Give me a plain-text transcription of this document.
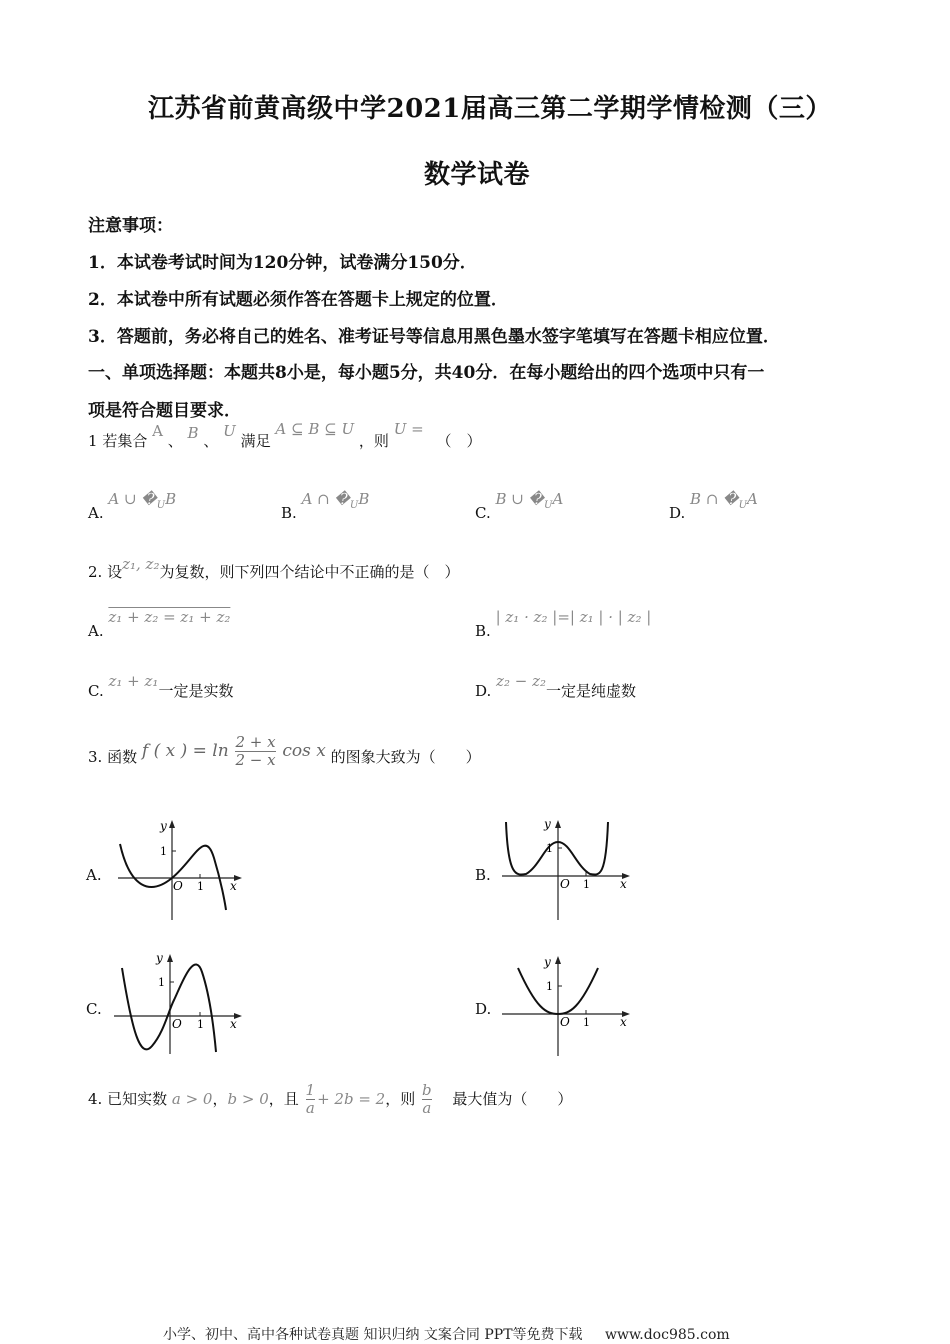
江苏省前黄高级中学2021届高三第二学期学情检测（三）
数学试卷
注意事项：
1．本试卷考试时间为120分钟，试卷满分150分．
2．本试卷中所有试题必须作答在答题卡上规定的位置．
3．答题前，务必将自己的姓名、准考证号等信息用黑色墨水签字笔填写在答题卡相应位置．
一、单项选择题：本题共8小是，每小题5分，共40分．在每小题给出的四个选项中只有一
项是符合题目要求．
1 若集合 A 、 B 、 U 满足 A ⊆ B ⊆ U ，则 U = （　）
A. A ∪ $�_UB$
B. A ∩ $�_UB$
C. B ∪ $�_UA$
D. B ∩ $�_UA$
2. 设z₁, z₂为复数，则下列四个结论中不正确的是（　）
A. z₁ + z₂ = z₁ + z₂
B. | z₁ · z₂ |=| z₁ | · | z₂ |
C. z₁ + z₁一定是实数	D. z₂ − z₂一定是纯虚数
3. 函数 f ( x ) = $\ln \frac{2 + x}{2 - x}$ cos x 的图象大致为（　　）
A.
y
1
O 1 x
B.
y
1
O 1	x
C.
y
1
O 1 x
D.
y
1
O 1	x
4. 已知实数 a > 0，b > 0，且 $\frac{1}{a} + 2b = 2$，则 $\frac{b}{a}$ 最大值为（　　）
小学、初中、高中各种试卷真题 知识归纳 文案合同 PPT等免费下载 www.doc985.com
